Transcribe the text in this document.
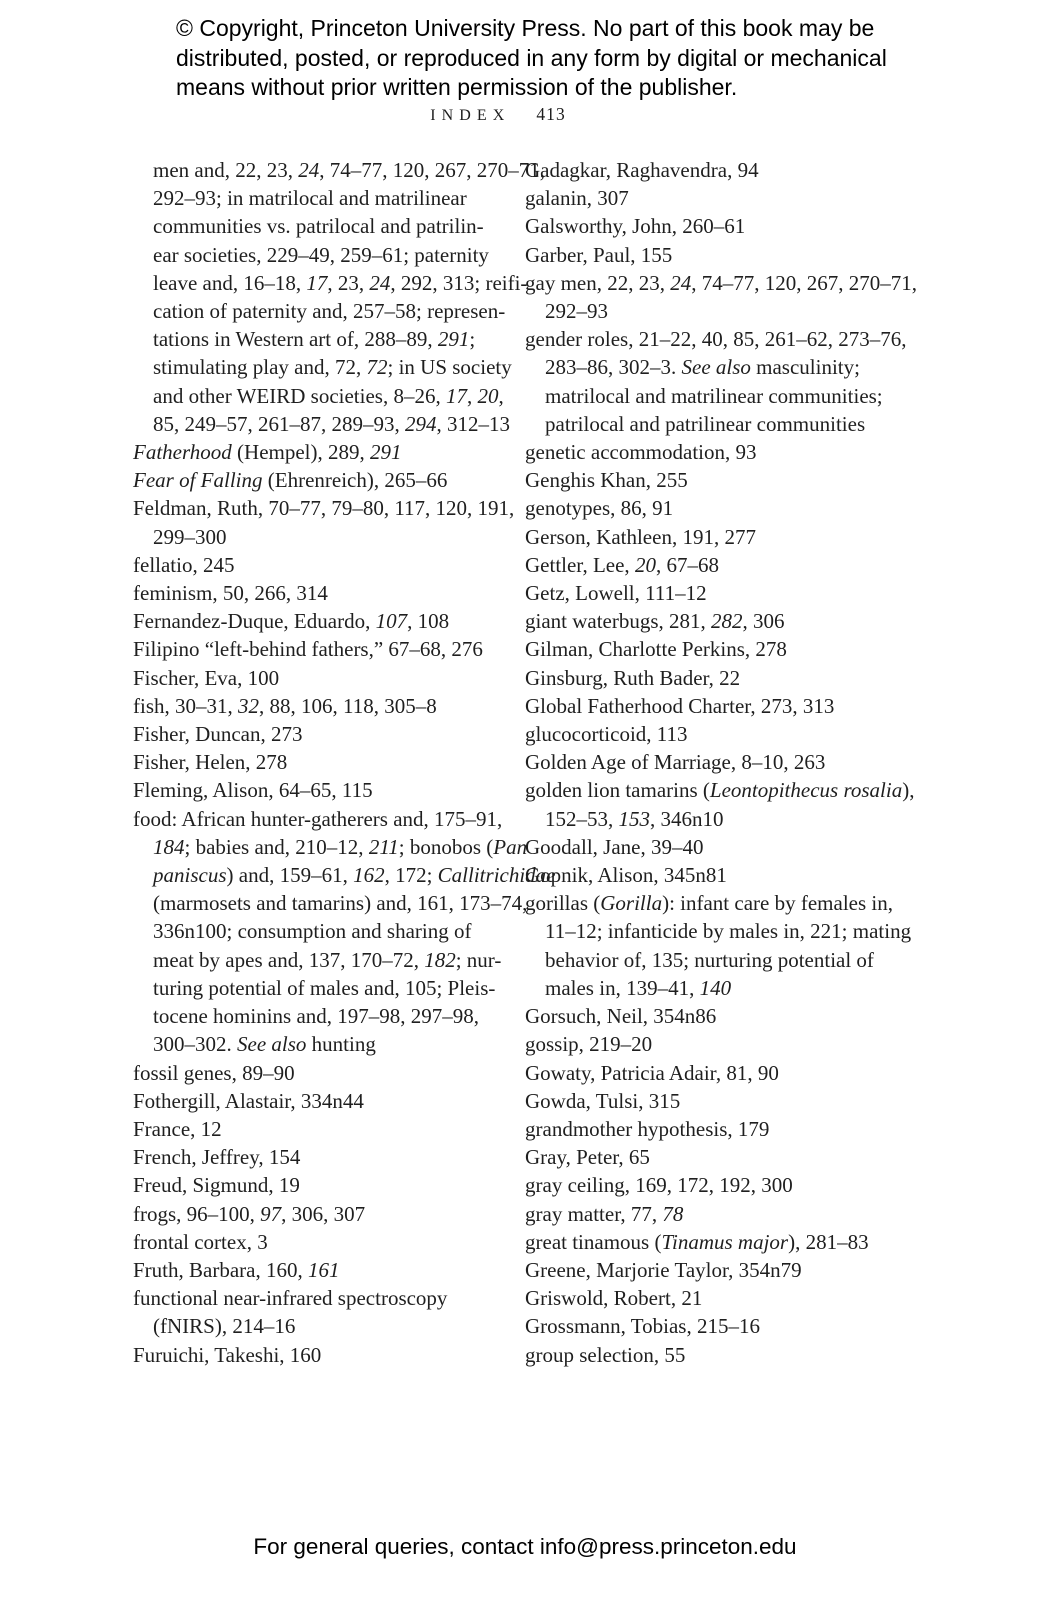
© Copyright, Princeton University Press. No part of this book may be
distributed, posted, or reproduced in any form by digital or mechanical
means without prior written permission of the publisher.
INDEX 413
men and, 22, 23, 24, 74–77, 120, 267, 270–71,
292–93; in matrilocal and matrilinear
communities vs. patrilocal and patrilin-
ear societies, 229–49, 259–61; paternity
leave and, 16–18, 17, 23, 24, 292, 313; reifi-
cation of paternity and, 257–58; represen-
tations in Western art of, 288–89, 291;
stimulating play and, 72, 72; in US society
and other WEIRD societies, 8–26, 17, 20,
85, 249–57, 261–87, 289–93, 294, 312–13
Fatherhood (Hempel), 289, 291
Fear of Falling (Ehrenreich), 265–66
Feldman, Ruth, 70–77, 79–80, 117, 120, 191,
299–300
fellatio, 245
feminism, 50, 266, 314
Fernandez-Duque, Eduardo, 107, 108
Filipino “left-behind fathers,” 67–68, 276
Fischer, Eva, 100
fish, 30–31, 32, 88, 106, 118, 305–8
Fisher, Duncan, 273
Fisher, Helen, 278
Fleming, Alison, 64–65, 115
food: African hunter-gatherers and, 175–91,
184; babies and, 210–12, 211; bonobos (Pan
paniscus) and, 159–61, 162, 172; Callitrichidae
(marmosets and tamarins) and, 161, 173–74,
336n100; consumption and sharing of
meat by apes and, 137, 170–72, 182; nur-
turing potential of males and, 105; Pleis-
tocene hominins and, 197–98, 297–98,
300–302. See also hunting
fossil genes, 89–90
Fothergill, Alastair, 334n44
France, 12
French, Jeffrey, 154
Freud, Sigmund, 19
frogs, 96–100, 97, 306, 307
frontal cortex, 3
Fruth, Barbara, 160, 161
functional near-infrared spectroscopy
(fNIRS), 214–16
Furuichi, Takeshi, 160
Gadagkar, Raghavendra, 94
galanin, 307
Galsworthy, John, 260–61
Garber, Paul, 155
gay men, 22, 23, 24, 74–77, 120, 267, 270–71,
292–93
gender roles, 21–22, 40, 85, 261–62, 273–76,
283–86, 302–3. See also masculinity;
matrilocal and matrilinear communities;
patrilocal and patrilinear communities
genetic accommodation, 93
Genghis Khan, 255
genotypes, 86, 91
Gerson, Kathleen, 191, 277
Gettler, Lee, 20, 67–68
Getz, Lowell, 111–12
giant waterbugs, 281, 282, 306
Gilman, Charlotte Perkins, 278
Ginsburg, Ruth Bader, 22
Global Fatherhood Charter, 273, 313
glucocorticoid, 113
Golden Age of Marriage, 8–10, 263
golden lion tamarins (Leontopithecus rosalia),
152–53, 153, 346n10
Goodall, Jane, 39–40
Gopnik, Alison, 345n81
gorillas (Gorilla): infant care by females in,
11–12; infanticide by males in, 221; mating
behavior of, 135; nurturing potential of
males in, 139–41, 140
Gorsuch, Neil, 354n86
gossip, 219–20
Gowaty, Patricia Adair, 81, 90
Gowda, Tulsi, 315
grandmother hypothesis, 179
Gray, Peter, 65
gray ceiling, 169, 172, 192, 300
gray matter, 77, 78
great tinamous (Tinamus major), 281–83
Greene, Marjorie Taylor, 354n79
Griswold, Robert, 21
Grossmann, Tobias, 215–16
group selection, 55
For general queries, contact info@press.princeton.edu
